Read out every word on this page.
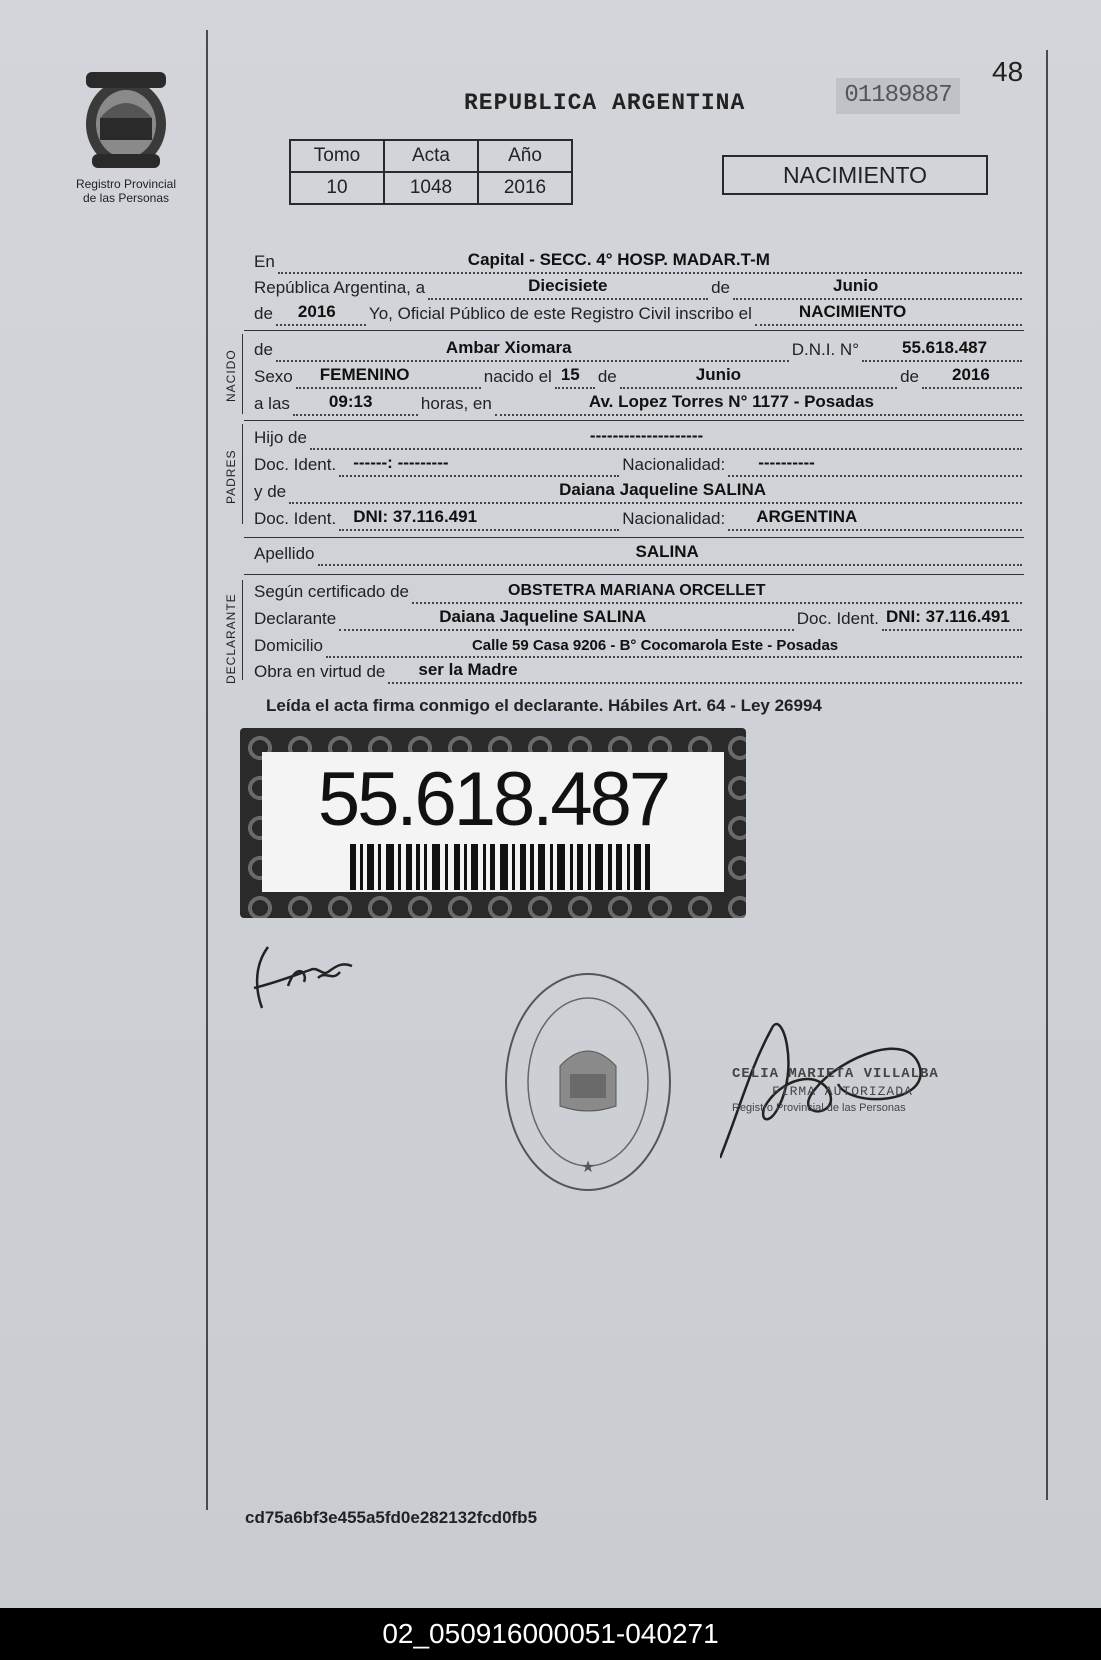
Registro Provincial
de las Personas
REPUBLICA ARGENTINA	01189887
48
Tomo	Acta	Año
10	1048	2016	NACIMIENTO
En	Capital - SECC. 4° HOSP. MADAR.T-M
República Argentina, a	Diecisiete	de	Junio
de 2016 Yo, Oficial Público de este Registro Civil inscribo el	NACIMIENTO
NACIDO de	Ambar Xiomara	D.N.I. N°	55.618.487
Sexo FEMENINO	nacido el 15 de	Junio	de 2016
a las 09:13	horas, en	Av. Lopez Torres N° 1177 - Posadas
PADRES
Hijo de	--------------------
Doc. Ident. ------: ---------	Nacionalidad: ----------
y de	Daiana Jaqueline SALINA
Doc. Ident. DNI: 37.116.491	Nacionalidad: ARGENTINA
Apellido	SALINA
DECLARANTE
Según certificado de	OBSTETRA MARIANA ORCELLET
Declarante	Daiana Jaqueline SALINA	Doc. Ident. DNI: 37.116.491
Domicilio	Calle 59 Casa 9206 - B° Cocomarola Este - Posadas
Obra en virtud de ser la Madre
Leída el acta firma conmigo el declarante. Hábiles Art. 64 - Ley 26994
55.618.487
★
CELIA MARIETA VILLALBA
FIRMA AUTORIZADA
Registro Provincial de las Personas
cd75a6bf3e455a5fd0e282132fcd0fb5
02_050916000051-040271
